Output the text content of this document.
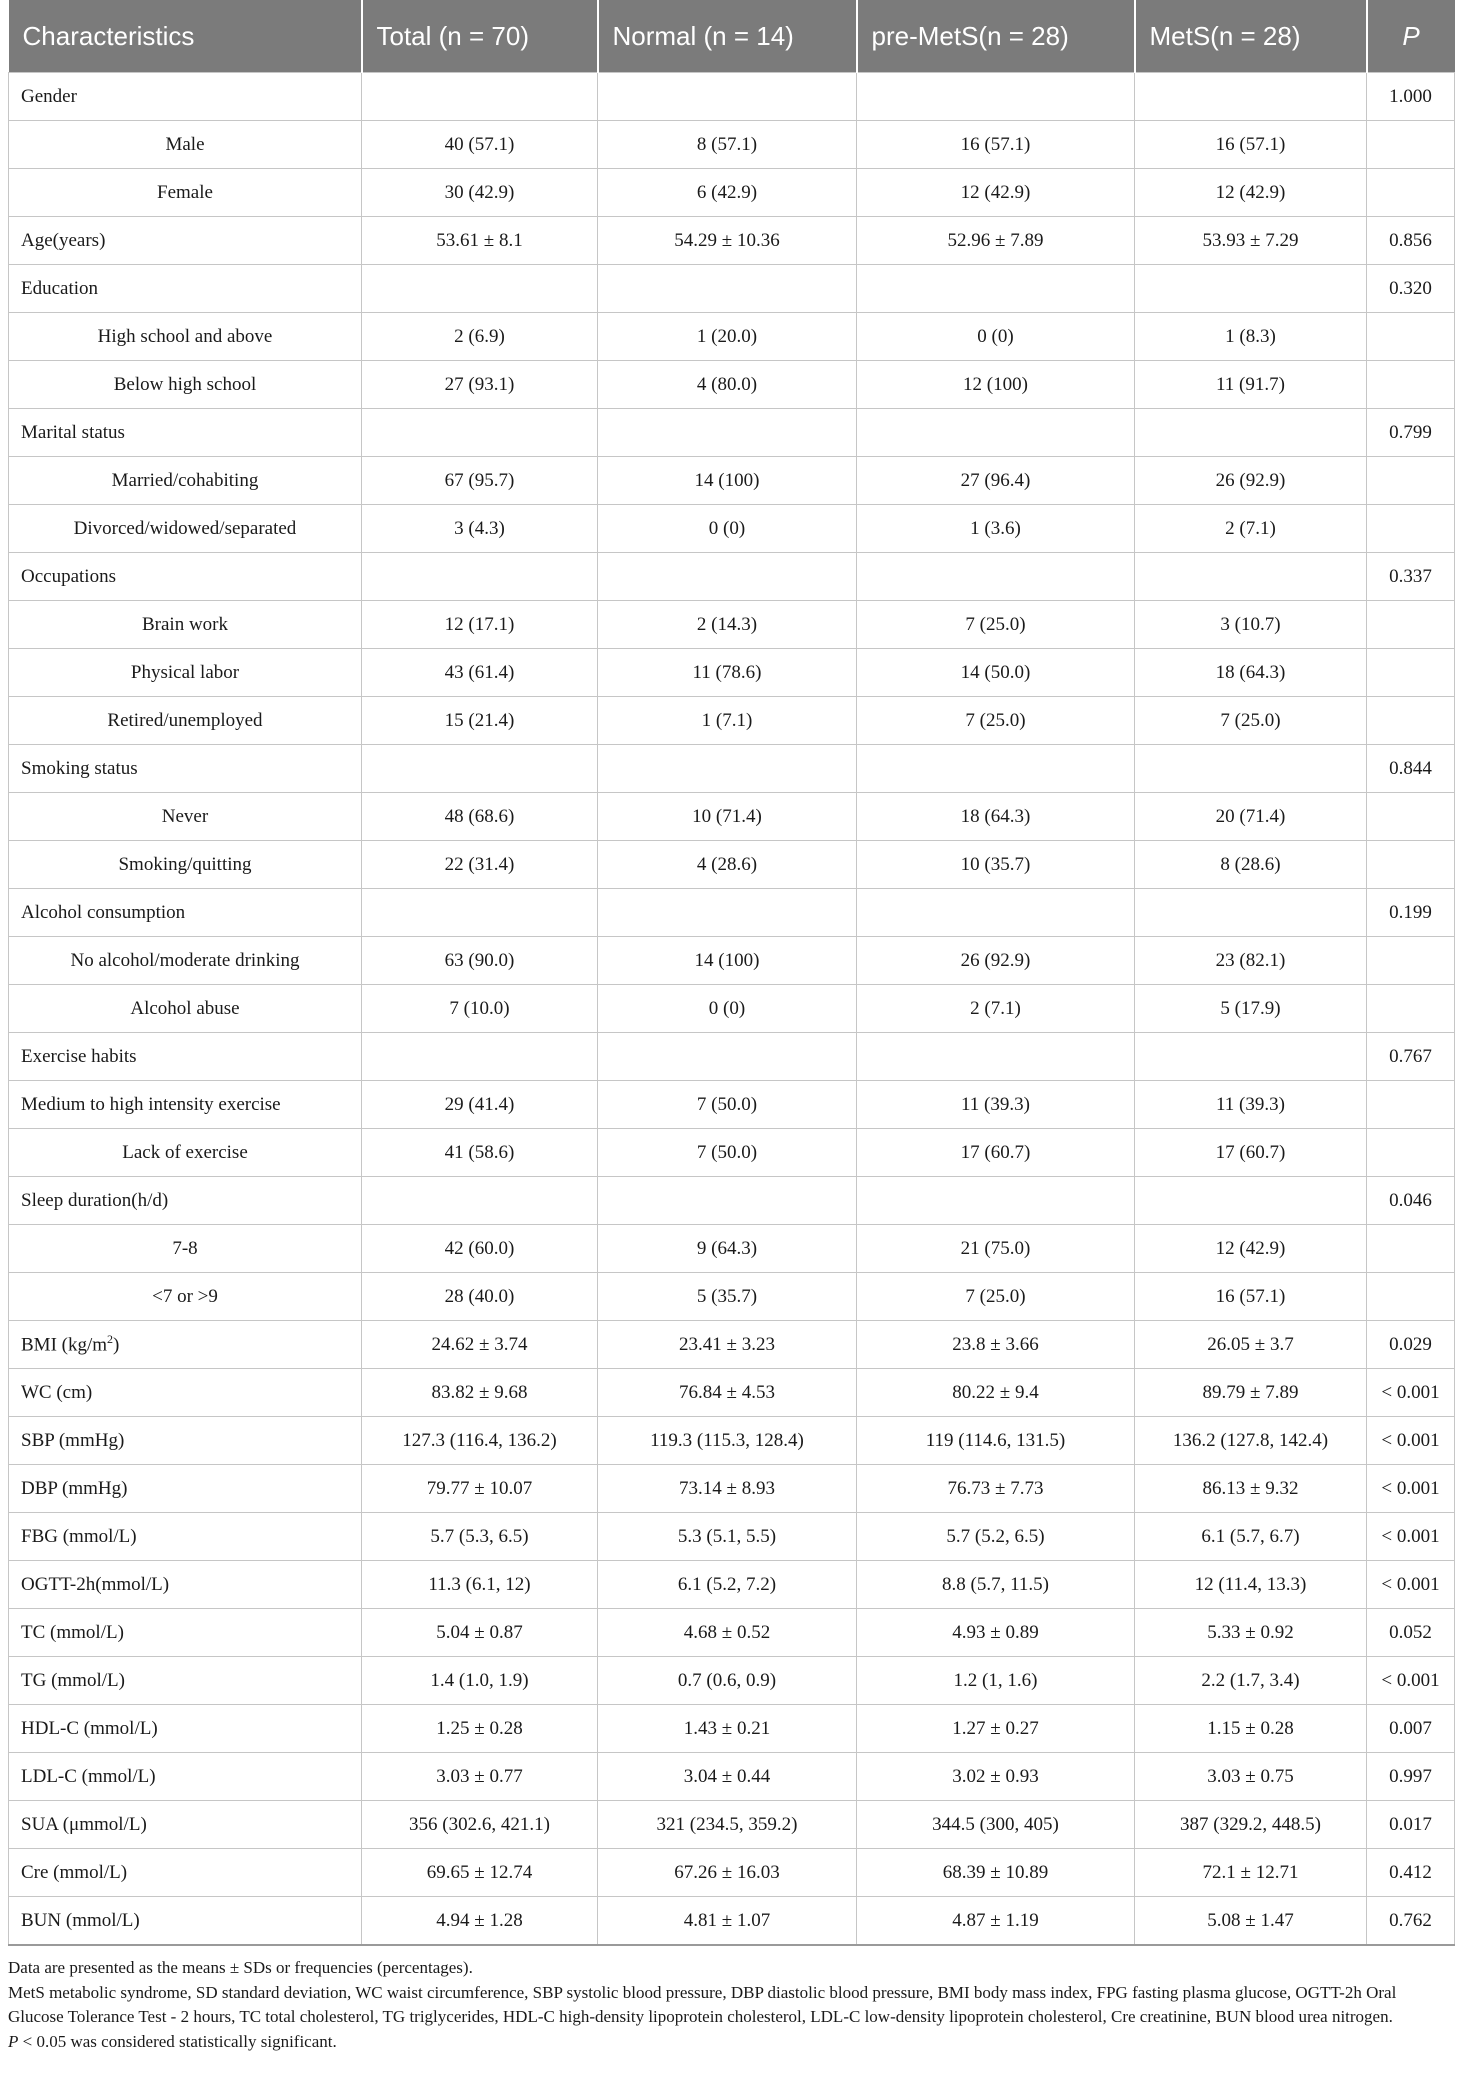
Characteristics	Total (n = 70)	Normal (n = 14)	pre-MetS(n = 28)	MetS(n = 28)	P
Gender					1.000
Male	40 (57.1)	8 (57.1)	16 (57.1)	16 (57.1)	
Female	30 (42.9)	6 (42.9)	12 (42.9)	12 (42.9)	
Age(years)	53.61 ± 8.1	54.29 ± 10.36	52.96 ± 7.89	53.93 ± 7.29	0.856
Education					0.320
High school and above	2 (6.9)	1 (20.0)	0 (0)	1 (8.3)	
Below high school	27 (93.1)	4 (80.0)	12 (100)	11 (91.7)	
Marital status					0.799
Married/cohabiting	67 (95.7)	14 (100)	27 (96.4)	26 (92.9)	
Divorced/widowed/separated	3 (4.3)	0 (0)	1 (3.6)	2 (7.1)	
Occupations					0.337
Brain work	12 (17.1)	2 (14.3)	7 (25.0)	3 (10.7)	
Physical labor	43 (61.4)	11 (78.6)	14 (50.0)	18 (64.3)	
Retired/unemployed	15 (21.4)	1 (7.1)	7 (25.0)	7 (25.0)	
Smoking status					0.844
Never	48 (68.6)	10 (71.4)	18 (64.3)	20 (71.4)	
Smoking/quitting	22 (31.4)	4 (28.6)	10 (35.7)	8 (28.6)	
Alcohol consumption					0.199
No alcohol/moderate drinking	63 (90.0)	14 (100)	26 (92.9)	23 (82.1)	
Alcohol abuse	7 (10.0)	0 (0)	2 (7.1)	5 (17.9)	
Exercise habits					0.767
Medium to high intensity exercise	29 (41.4)	7 (50.0)	11 (39.3)	11 (39.3)	
Lack of exercise	41 (58.6)	7 (50.0)	17 (60.7)	17 (60.7)	
Sleep duration(h/d)					0.046
7-8	42 (60.0)	9 (64.3)	21 (75.0)	12 (42.9)	
<7 or >9	28 (40.0)	5 (35.7)	7 (25.0)	16 (57.1)	
BMI $(kg/m^2)$	24.62 ± 3.74	23.41 ± 3.23	23.8 ± 3.66	26.05 ± 3.7	0.029
WC (cm)	83.82 ± 9.68	76.84 ± 4.53	80.22 ± 9.4	89.79 ± 7.89	< 0.001
SBP (mmHg)	127.3 (116.4, 136.2)	119.3 (115.3, 128.4)	119 (114.6, 131.5)	136.2 (127.8, 142.4)	< 0.001
DBP (mmHg)	79.77 ± 10.07	73.14 ± 8.93	76.73 ± 7.73	86.13 ± 9.32	< 0.001
FBG (mmol/L)	5.7 (5.3, 6.5)	5.3 (5.1, 5.5)	5.7 (5.2, 6.5)	6.1 (5.7, 6.7)	< 0.001
OGTT-2h(mmol/L)	11.3 (6.1, 12)	6.1 (5.2, 7.2)	8.8 (5.7, 11.5)	12 (11.4, 13.3)	< 0.001
TC (mmol/L)	5.04 ± 0.87	4.68 ± 0.52	4.93 ± 0.89	5.33 ± 0.92	0.052
TG (mmol/L)	1.4 (1.0, 1.9)	0.7 (0.6, 0.9)	1.2 (1, 1.6)	2.2 (1.7, 3.4)	< 0.001
HDL-C (mmol/L)	1.25 ± 0.28	1.43 ± 0.21	1.27 ± 0.27	1.15 ± 0.28	0.007
LDL-C (mmol/L)	3.03 ± 0.77	3.04 ± 0.44	3.02 ± 0.93	3.03 ± 0.75	0.997
SUA (μmmol/L)	356 (302.6, 421.1)	321 (234.5, 359.2)	344.5 (300, 405)	387 (329.2, 448.5)	0.017
Cre (mmol/L)	69.65 ± 12.74	67.26 ± 16.03	68.39 ± 10.89	72.1 ± 12.71	0.412
BUN (mmol/L)	4.94 ± 1.28	4.81 ± 1.07	4.87 ± 1.19	5.08 ± 1.47	0.762

Data are presented as the means ± SDs or frequencies (percentages).

MetS metabolic syndrome, SD standard deviation, WC waist circumference, SBP systolic blood pressure, DBP diastolic blood pressure, BMI body mass index, FPG fasting plasma glucose, OGTT-2h Oral Glucose Tolerance Test - 2 hours, TC total cholesterol, TG triglycerides, HDL-C high-density lipoprotein cholesterol, LDL-C low-density lipoprotein cholesterol, Cre creatinine, BUN blood urea nitrogen.

P < 0.05 was considered statistically significant.
